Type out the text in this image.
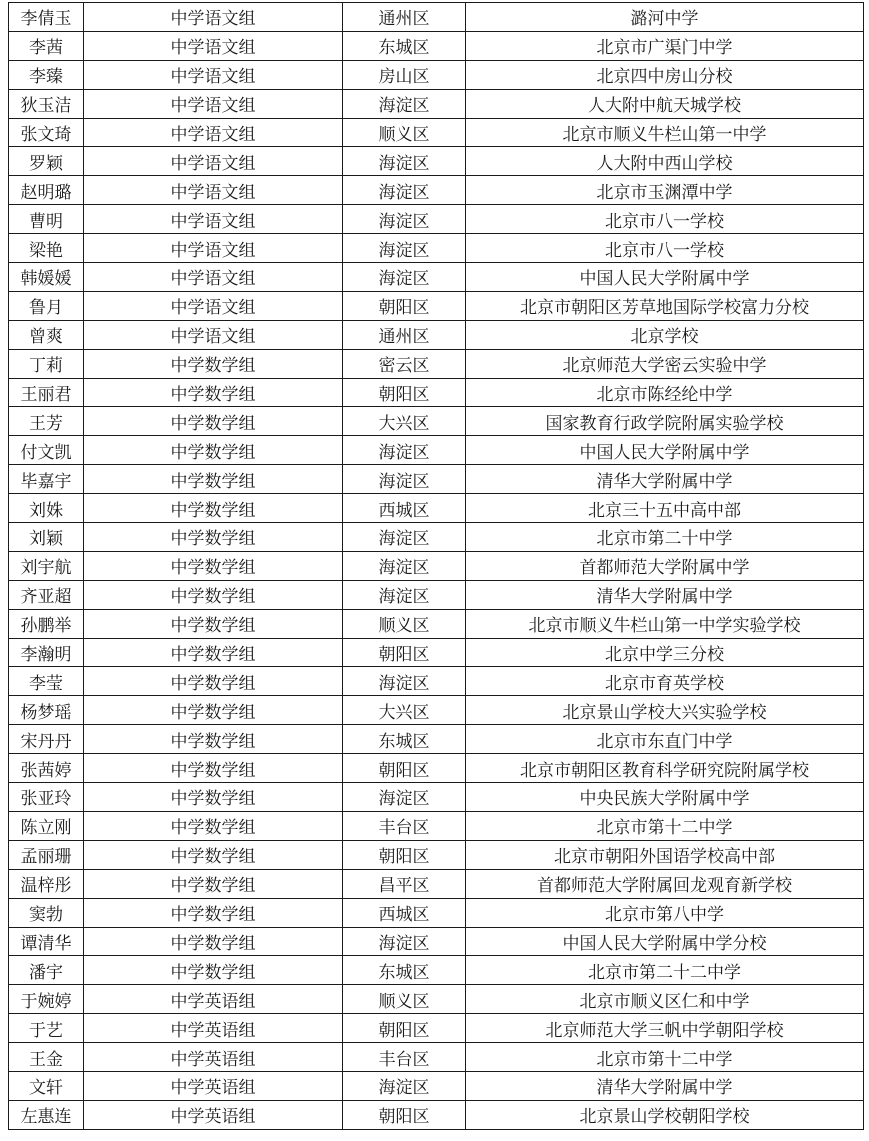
李倩玉	中学语文组	通州区	潞河中学
李茜	中学语文组	东城区	北京市广渠门中学
李臻	中学语文组	房山区	北京四中房山分校
狄玉洁	中学语文组	海淀区	人大附中航天城学校
张文琦	中学语文组	顺义区	北京市顺义牛栏山第一中学
罗颖	中学语文组	海淀区	人大附中西山学校
赵明璐	中学语文组	海淀区	北京市玉渊潭中学
曹明	中学语文组	海淀区	北京市八一学校
梁艳	中学语文组	海淀区	北京市八一学校
韩媛媛	中学语文组	海淀区	中国人民大学附属中学
鲁月	中学语文组	朝阳区	北京市朝阳区芳草地国际学校富力分校
曾爽	中学语文组	通州区	北京学校
丁莉	中学数学组	密云区	北京师范大学密云实验中学
王丽君	中学数学组	朝阳区	北京市陈经纶中学
王芳	中学数学组	大兴区	国家教育行政学院附属实验学校
付文凯	中学数学组	海淀区	中国人民大学附属中学
毕嘉宇	中学数学组	海淀区	清华大学附属中学
刘姝	中学数学组	西城区	北京三十五中高中部
刘颖	中学数学组	海淀区	北京市第二十中学
刘宇航	中学数学组	海淀区	首都师范大学附属中学
齐亚超	中学数学组	海淀区	清华大学附属中学
孙鹏举	中学数学组	顺义区	北京市顺义牛栏山第一中学实验学校
李瀚明	中学数学组	朝阳区	北京中学三分校
李莹	中学数学组	海淀区	北京市育英学校
杨梦瑶	中学数学组	大兴区	北京景山学校大兴实验学校
宋丹丹	中学数学组	东城区	北京市东直门中学
张茜婷	中学数学组	朝阳区	北京市朝阳区教育科学研究院附属学校
张亚玲	中学数学组	海淀区	中央民族大学附属中学
陈立刚	中学数学组	丰台区	北京市第十二中学
孟丽珊	中学数学组	朝阳区	北京市朝阳外国语学校高中部
温梓彤	中学数学组	昌平区	首都师范大学附属回龙观育新学校
窦勃	中学数学组	西城区	北京市第八中学
谭清华	中学数学组	海淀区	中国人民大学附属中学分校
潘宇	中学数学组	东城区	北京市第二十二中学
于婉婷	中学英语组	顺义区	北京市顺义区仁和中学
于艺	中学英语组	朝阳区	北京师范大学三帆中学朝阳学校
王金	中学英语组	丰台区	北京市第十二中学
文轩	中学英语组	海淀区	清华大学附属中学
左惠连	中学英语组	朝阳区	北京景山学校朝阳学校
